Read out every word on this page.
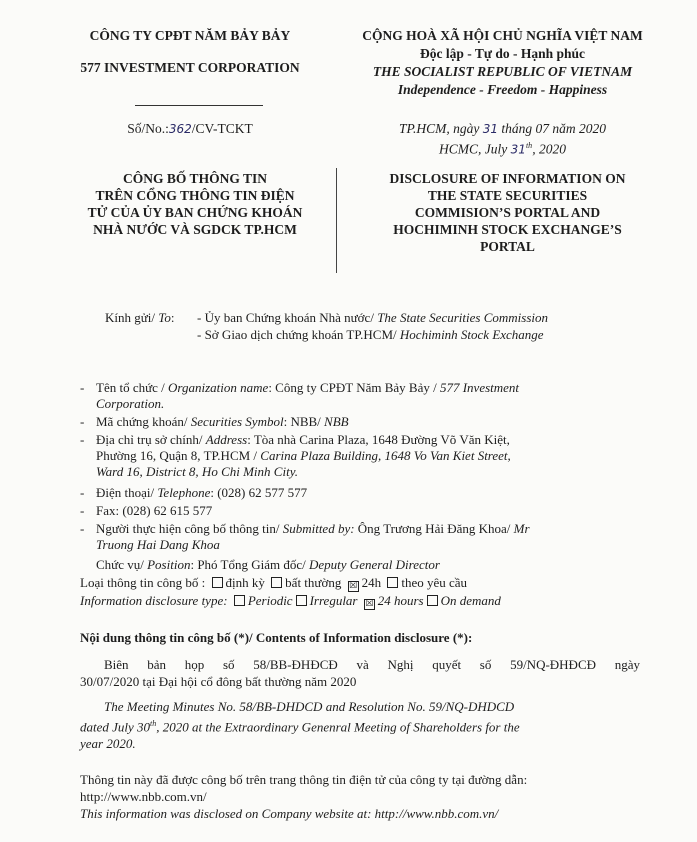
CÔNG TY CPĐT NĂM BẢY BẢY
577 INVESTMENT CORPORATION
Số/No.:362/CV-TCKT
CỘNG HOÀ XÃ HỘI CHỦ NGHĨA VIỆT NAM
Độc lập - Tự do - Hạnh phúc
THE SOCIALIST REPUBLIC OF VIETNAM
Independence - Freedom - Happiness
TP.HCM, ngày 31 tháng 07 năm 2020
HCMC, July 31th, 2020
CÔNG BỐ THÔNG TIN
TRÊN CỔNG THÔNG TIN ĐIỆN
TỬ CỦA ỦY BAN CHỨNG KHOÁN
NHÀ NƯỚC VÀ SGDCK TP.HCM
DISCLOSURE OF INFORMATION ON
THE STATE SECURITIES
COMMISION’S PORTAL AND
HOCHIMINH STOCK EXCHANGE’S
PORTAL
Kính gửi/ To: - Ủy ban Chứng khoán Nhà nước/ The State Securities Commission
- Sở Giao dịch chứng khoán TP.HCM/ Hochiminh Stock Exchange
- Tên tổ chức / Organization name: Công ty CPĐT Năm Bảy Bảy / 577 Investment
Corporation.
- Mã chứng khoán/ Securities Symbol: NBB/ NBB
- Địa chỉ trụ sở chính/ Address: Tòa nhà Carina Plaza, 1648 Đường Võ Văn Kiệt,
Phường 16, Quận 8, TP.HCM / Carina Plaza Building, 1648 Vo Van Kiet Street,
Ward 16, District 8, Ho Chi Minh City.
- Điện thoại/ Telephone: (028) 62 577 577
- Fax: (028) 62 615 577
- Người thực hiện công bố thông tin/ Submitted by: Ông Trương Hải Đăng Khoa/ Mr
Truong Hai Dang Khoa
Chức vụ/ Position: Phó Tổng Giám đốc/ Deputy General Director
Loại thông tin công bố : định kỳ bất thường ☒ 24h theo yêu cầu
Information disclosure type: Periodic Irregular ☒ 24 hours On demand
Nội dung thông tin công bố (*)/ Contents of Information disclosure (*):
Biên bản họp số 58/BB-ĐHĐCĐ và Nghị quyết số 59/NQ-ĐHĐCĐ ngày
30/07/2020 tại Đại hội cổ đông bất thường năm 2020
The Meeting Minutes No. 58/BB-DHDCD and Resolution No. 59/NQ-DHDCD
dated July 30th, 2020 at the Extraordinary Genenral Meeting of Shareholders for the
year 2020.
Thông tin này đã được công bố trên trang thông tin điện tử của công ty tại đường dẫn:
http://www.nbb.com.vn/
This information was disclosed on Company website at: http://www.nbb.com.vn/
